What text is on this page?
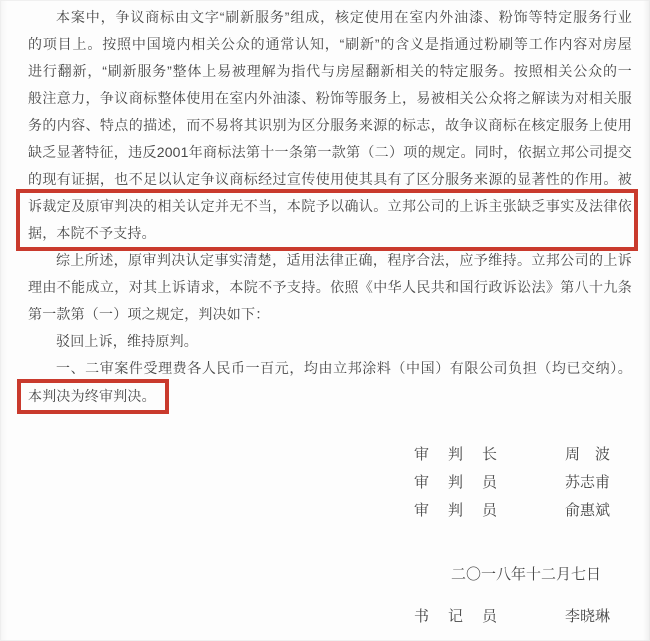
本案中，争议商标由文字“刷新服务”组成，核定使用在室内外油漆、粉饰等特定服务行业

的项目上。按照中国境内相关公众的通常认知，“刷新”的含义是指通过粉刷等工作内容对房屋

进行翻新，“刷新服务”整体上易被理解为指代与房屋翻新相关的特定服务。按照相关公众的一

般注意力，争议商标整体使用在室内外油漆、粉饰等服务上，易被相关公众将之解读为对相关服

务的内容、特点的描述，而不易将其识别为区分服务来源的标志，故争议商标在核定服务上使用

缺乏显著特征，违反2001年商标法第十一条第一款第（二）项的规定。同时，依据立邦公司提交

的现有证据，也不足以认定争议商标经过宣传使用使其具有了区分服务来源的显著性的作用。被

诉裁定及原审判决的相关认定并无不当，本院予以确认。立邦公司的上诉主张缺乏事实及法律依

据，本院不予支持。

综上所述，原审判决认定事实清楚，适用法律正确，程序合法，应予维持。立邦公司的上诉

理由不能成立，对其上诉请求，本院不予支持。依照《中华人民共和国行政诉讼法》第八十九条

第一款第（一）项之规定，判决如下：

驳回上诉，维持原判。

一、二审案件受理费各人民币一百元，均由立邦涂料（中国）有限公司负担（均已交纳）。

本判决为终审判决。

审　判　长	周　波
审　判　员	苏志甫
审　判　员	俞惠斌
二〇一八年十二月七日
书　记　员	李晓琳
